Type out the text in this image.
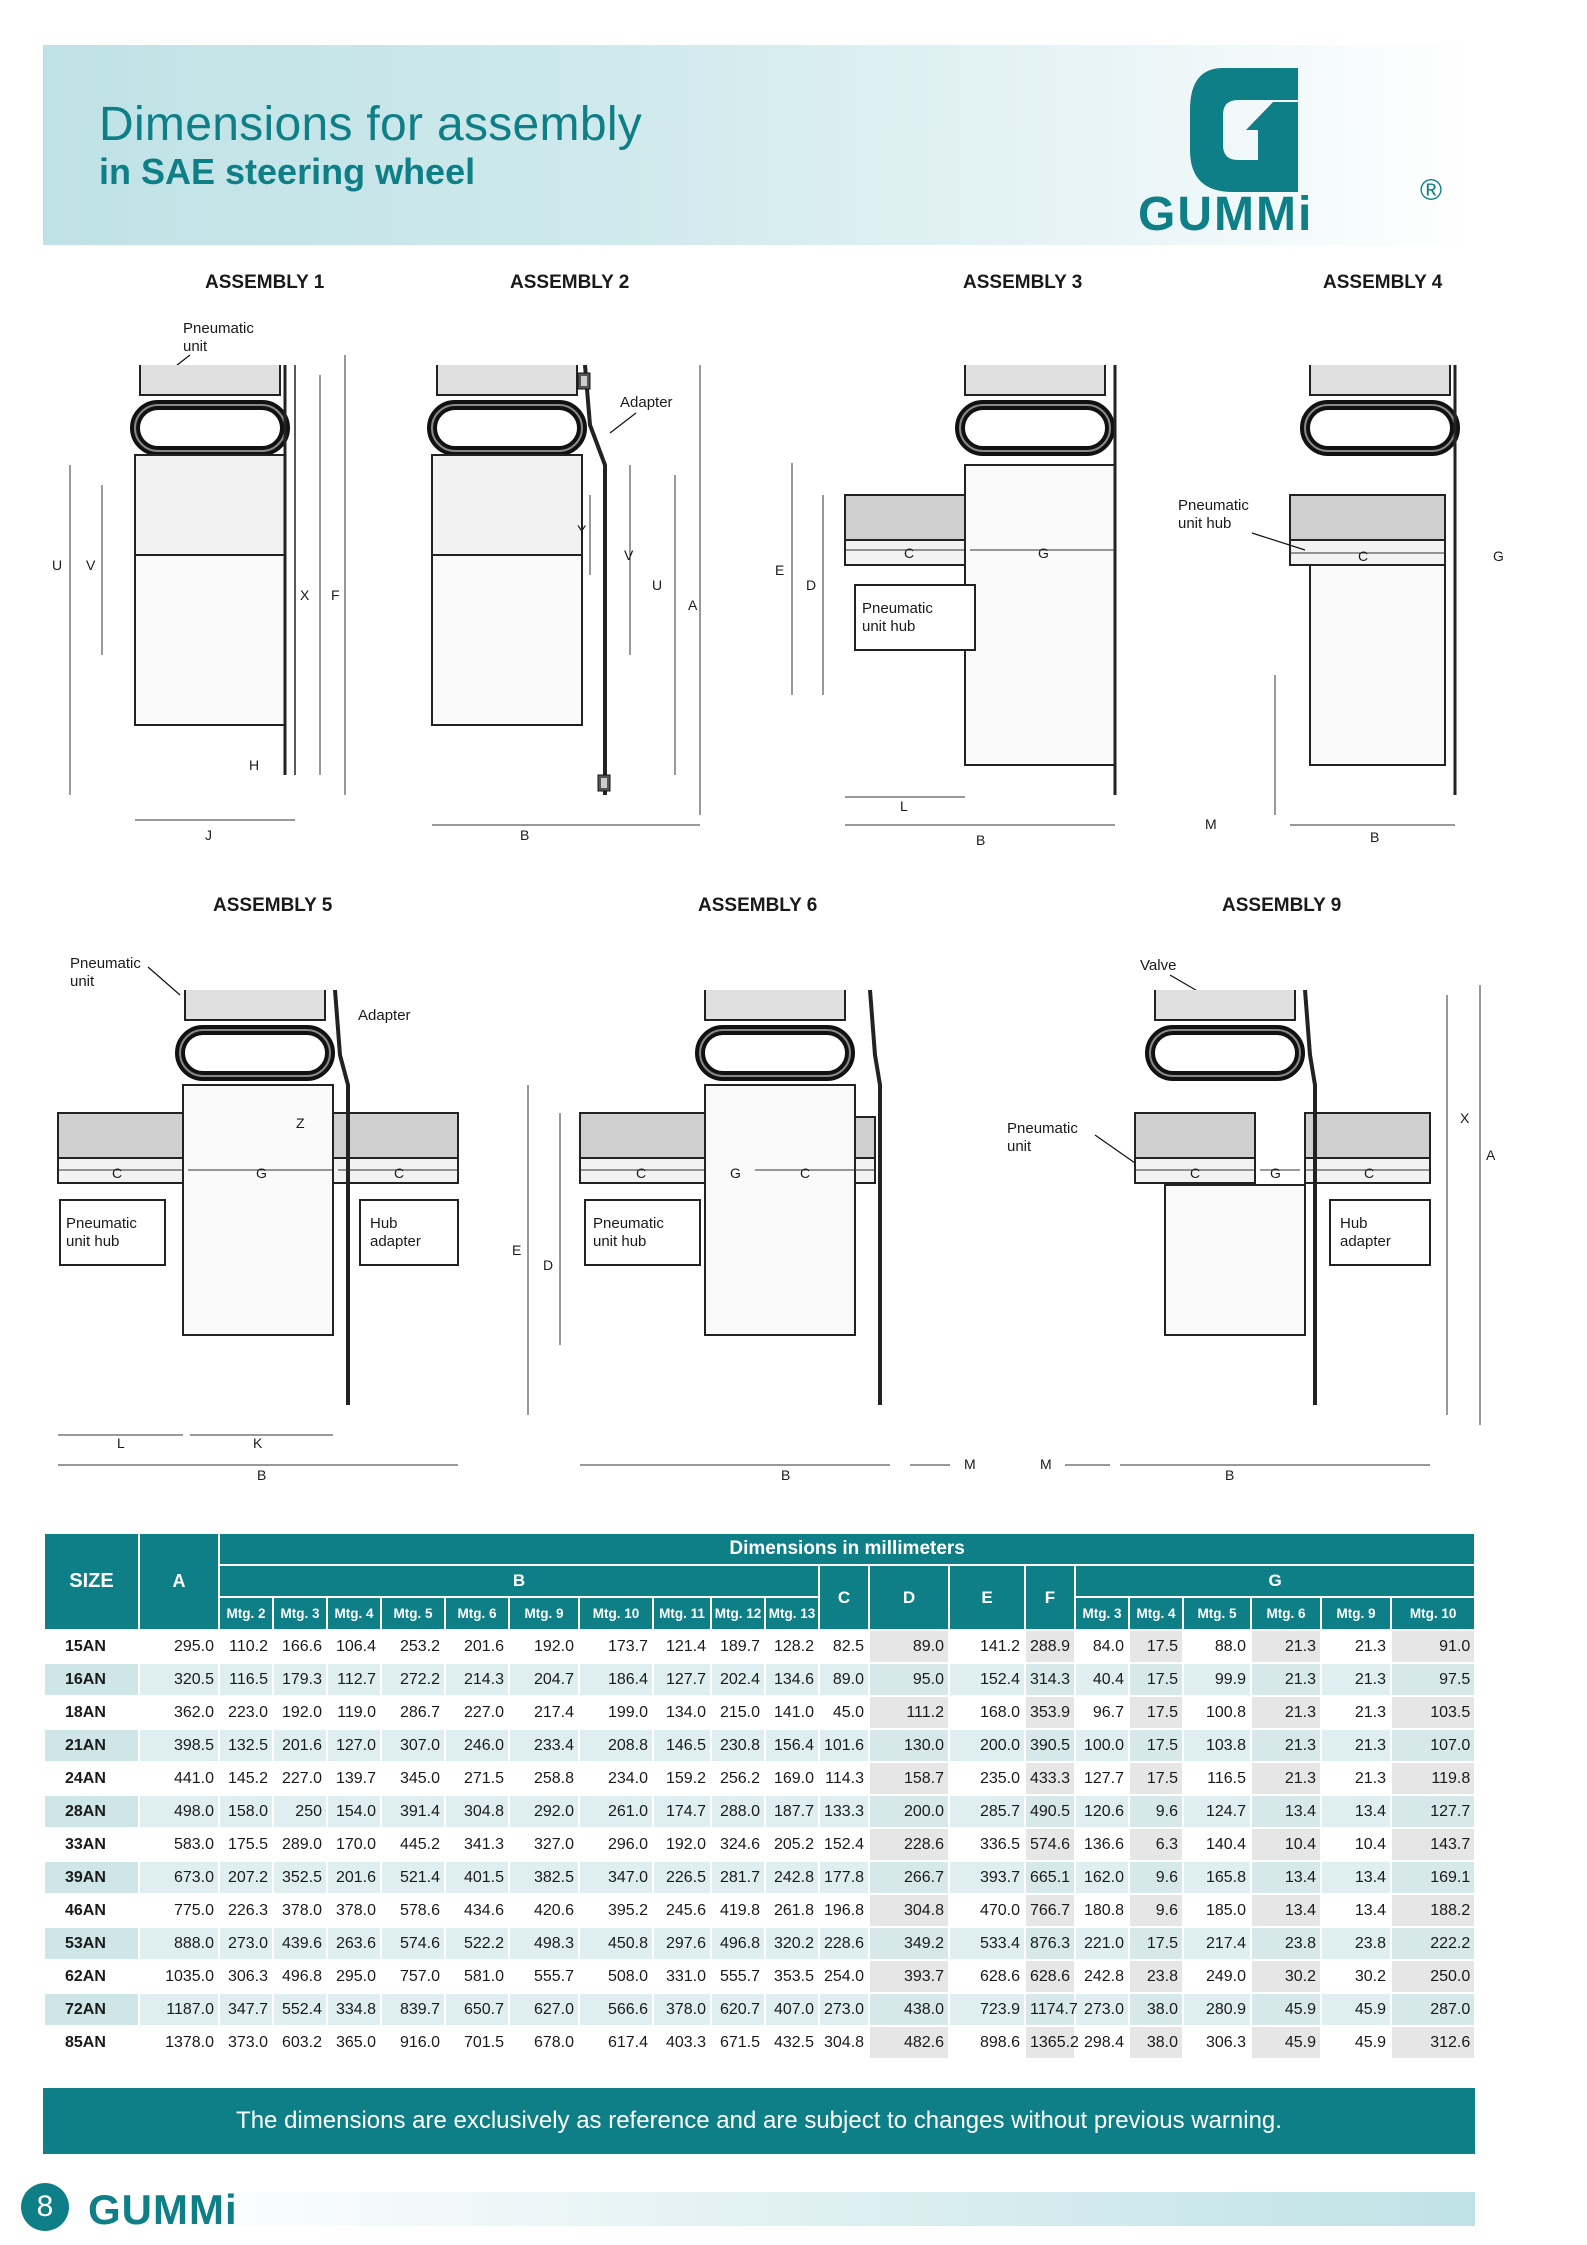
Dimensions for assembly
in SAE steering wheel
GUMMi	®
ASSEMBLY 1
Pneumatic
unit
U V
X F
H
J
ASSEMBLY 2
Adapter
Y
V
U
A
B
ASSEMBLY 3
Pneumatic
unit hub
E
D
C	G
L
B
ASSEMBLY 4
Pneumatic
unit hub
C	G
M
B
ASSEMBLY 5
Pneumatic
unit
Adapter
Pneumatic
unit hub
Hub
adapter
Z
C	G	C
L	K
B
ASSEMBLY 6
Pneumatic
unit hub
E
D
C	G	C
B
M
ASSEMBLY 9
Valve
Pneumatic
unit
Hub
adapter
X
A
C	G	C
M
B
SIZE	A	Dimensions in millimeters																			
		B										C	D	E	F	G					
		Mtg. 2	Mtg. 3	Mtg. 4	Mtg. 5	Mtg. 6	Mtg. 9	Mtg. 10	Mtg. 11	Mtg. 12	Mtg. 13					Mtg. 3	Mtg. 4	Mtg. 5	Mtg. 6	Mtg. 9	Mtg. 10
15AN	295.0	110.2	166.6	106.4	253.2	201.6	192.0	173.7	121.4	189.7	128.2	82.5	89.0	141.2	288.9	84.0	17.5	88.0	21.3	21.3	91.0
16AN	320.5	116.5	179.3	112.7	272.2	214.3	204.7	186.4	127.7	202.4	134.6	89.0	95.0	152.4	314.3	40.4	17.5	99.9	21.3	21.3	97.5
18AN	362.0	223.0	192.0	119.0	286.7	227.0	217.4	199.0	134.0	215.0	141.0	45.0	111.2	168.0	353.9	96.7	17.5	100.8	21.3	21.3	103.5
21AN	398.5	132.5	201.6	127.0	307.0	246.0	233.4	208.8	146.5	230.8	156.4	101.6	130.0	200.0	390.5	100.0	17.5	103.8	21.3	21.3	107.0
24AN	441.0	145.2	227.0	139.7	345.0	271.5	258.8	234.0	159.2	256.2	169.0	114.3	158.7	235.0	433.3	127.7	17.5	116.5	21.3	21.3	119.8
28AN	498.0	158.0	250	154.0	391.4	304.8	292.0	261.0	174.7	288.0	187.7	133.3	200.0	285.7	490.5	120.6	9.6	124.7	13.4	13.4	127.7
33AN	583.0	175.5	289.0	170.0	445.2	341.3	327.0	296.0	192.0	324.6	205.2	152.4	228.6	336.5	574.6	136.6	6.3	140.4	10.4	10.4	143.7
39AN	673.0	207.2	352.5	201.6	521.4	401.5	382.5	347.0	226.5	281.7	242.8	177.8	266.7	393.7	665.1	162.0	9.6	165.8	13.4	13.4	169.1
46AN	775.0	226.3	378.0	378.0	578.6	434.6	420.6	395.2	245.6	419.8	261.8	196.8	304.8	470.0	766.7	180.8	9.6	185.0	13.4	13.4	188.2
53AN	888.0	273.0	439.6	263.6	574.6	522.2	498.3	450.8	297.6	496.8	320.2	228.6	349.2	533.4	876.3	221.0	17.5	217.4	23.8	23.8	222.2
62AN	1035.0	306.3	496.8	295.0	757.0	581.0	555.7	508.0	331.0	555.7	353.5	254.0	393.7	628.6	628.6	242.8	23.8	249.0	30.2	30.2	250.0
72AN	1187.0	347.7	552.4	334.8	839.7	650.7	627.0	566.6	378.0	620.7	407.0	273.0	438.0	723.9	1174.7	273.0	38.0	280.9	45.9	45.9	287.0
85AN	1378.0	373.0	603.2	365.0	916.0	701.5	678.0	617.4	403.3	671.5	432.5	304.8	482.6	898.6	1365.2	298.4	38.0	306.3	45.9	45.9	312.6
The dimensions are exclusively as reference and are subject to changes without previous warning.
8 GUMMi
